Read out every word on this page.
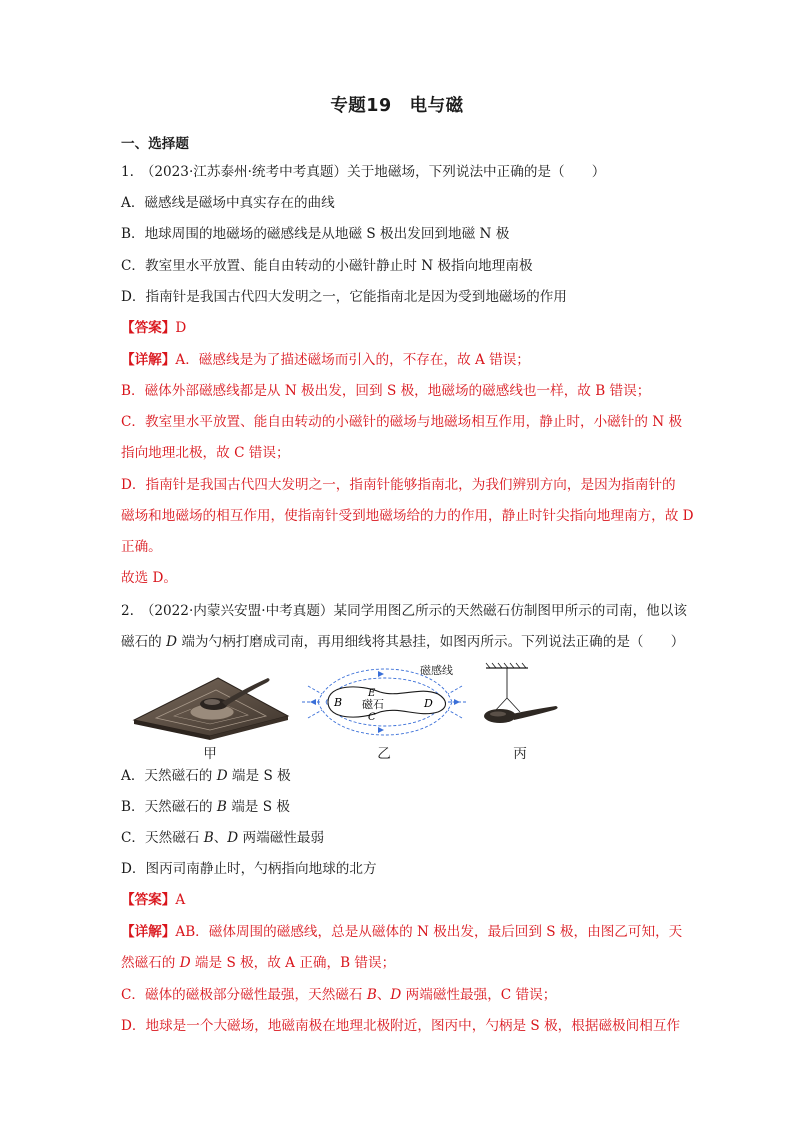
专题19　电与磁
一、选择题
1.　（2023·江苏泰州·统考中考真题）关于地磁场，下列说法中正确的是（　　）
A．磁感线是磁场中真实存在的曲线
B．地球周围的地磁场的磁感线是从地磁 S 极出发回到地磁 N 极
C．教室里水平放置、能自由转动的小磁针静止时 N 极指向地理南极
D．指南针是我国古代四大发明之一，它能指南北是因为受到地磁场的作用
【答案】D
【详解】A．磁感线是为了描述磁场而引入的，不存在，故 A 错误；
B．磁体外部磁感线都是从 N 极出发，回到 S 极，地磁场的磁感线也一样，故 B 错误；
C．教室里水平放置、能自由转动的小磁针的磁场与地磁场相互作用，静止时，小磁针的 N 极
指向地理北极，故 C 错误；
D．指南针是我国古代四大发明之一，指南针能够指南北，为我们辨别方向，是因为指南针的
磁场和地磁场的相互作用，使指南针受到地磁场给的力的作用，静止时针尖指向地理南方，故 D
正确。
故选 D。
2.　（2022·内蒙兴安盟·中考真题）某同学用图乙所示的天然磁石仿制图甲所示的司南，他以该
磁石的 D 端为勺柄打磨成司南，再用细线将其悬挂，如图丙所示。下列说法正确的是（　　）
甲
磁感线
B
E
磁石
C
D
乙	丙
A．天然磁石的 D 端是 S 极
B．天然磁石的 B 端是 S 极
C．天然磁石 B、D 两端磁性最弱
D．图丙司南静止时，勺柄指向地球的北方
【答案】A
【详解】AB．磁体周围的磁感线，总是从磁体的 N 极出发，最后回到 S 极，由图乙可知，天
然磁石的 D 端是 S 极，故 A 正确，B 错误；
C．磁体的磁极部分磁性最强，天然磁石 B、D 两端磁性最强，C 错误；
D．地球是一个大磁场，地磁南极在地理北极附近，图丙中，勺柄是 S 极，根据磁极间相互作
